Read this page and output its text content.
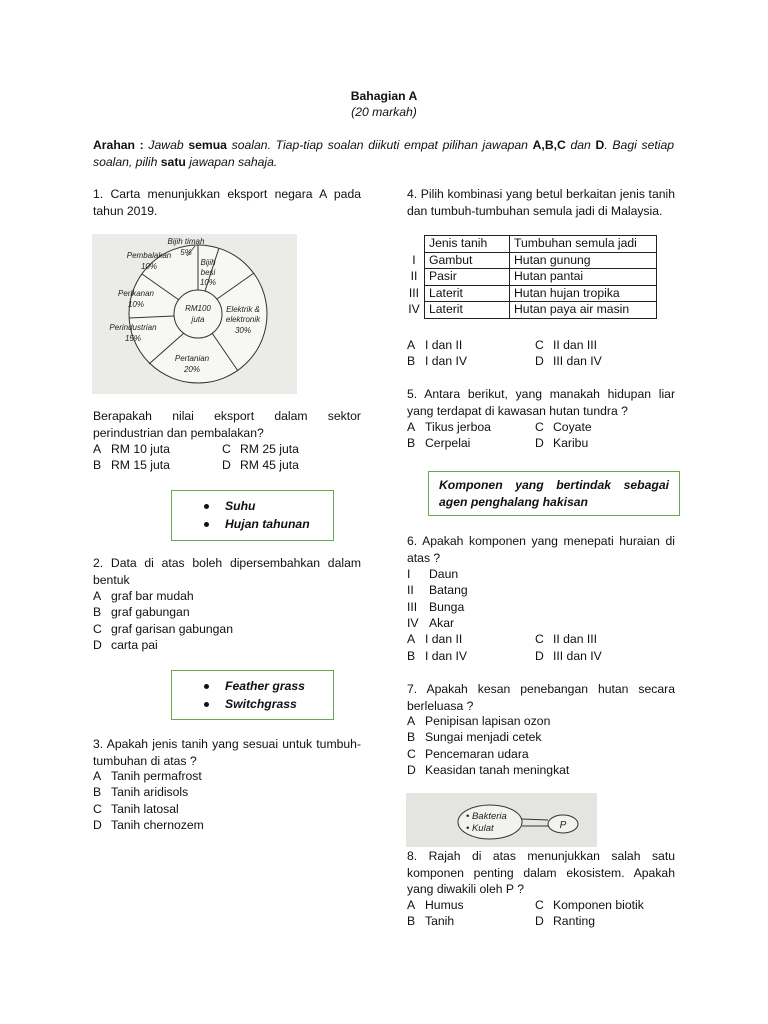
Bahagian A
(20 markah)
Arahan : Jawab semua soalan. Tiap-tiap soalan diikuti empat pilihan jawapan A,B,C dan D. Bagi setiap soalan, pilih satu jawapan sahaja.
1. Carta menunjukkan eksport negara A pada tahun 2019.
RM100
juta
Bijih timah
5%
Bijih
besi
10%
Elektrik &
elektronik
30%
Pertanian
20%
Perindustrian
15%
Perikanan
10%
Pembalakan
10%
Berapakah nilai eksport dalam sektor perindustrian dan pembalakan?
A RM 10 juta	C RM 25 juta
B RM 15 juta	D RM 45 juta
Suhu
Hujan tahunan
2. Data di atas boleh dipersembahkan dalam bentuk
A graf bar mudah
B graf gabungan
C graf garisan gabungan
D carta pai
Feather grass
Switchgrass
3. Apakah jenis tanih yang sesuai untuk tumbuh-tumbuhan di atas ?
A Tanih permafrost
B Tanih aridisols
C Tanih latosal
D Tanih chernozem
4. Pilih kombinasi yang betul berkaitan jenis tanih dan tumbuh-tumbuhan semula jadi di Malaysia.
	Jenis tanih	Tumbuhan semula jadi
I	Gambut	Hutan gunung
II	Pasir	Hutan pantai
III	Laterit	Hutan hujan tropika
IV	Laterit	Hutan paya air masin
A I dan II	C II dan III
B I dan IV	D III dan IV
5. Antara berikut, yang manakah hidupan liar yang terdapat di kawasan hutan tundra ?
A Tikus jerboa	C Coyate
B Cerpelai	D Karibu
Komponen yang bertindak sebagai agen penghalang hakisan
6. Apakah komponen yang menepati huraian di atas ?
I Daun
II Batang
III Bunga
IV Akar
A I dan II	C II dan III
B I dan IV	D III dan IV
7. Apakah kesan penebangan hutan secara berleluasa ?
A Penipisan lapisan ozon
B Sungai menjadi cetek
C Pencemaran udara
D Keasidan tanah meningkat
• Bakteria
• Kulat	P
8. Rajah di atas menunjukkan salah satu komponen penting dalam ekosistem. Apakah yang diwakili oleh P ?
A Humus	C Komponen biotik
B Tanih	D Ranting
